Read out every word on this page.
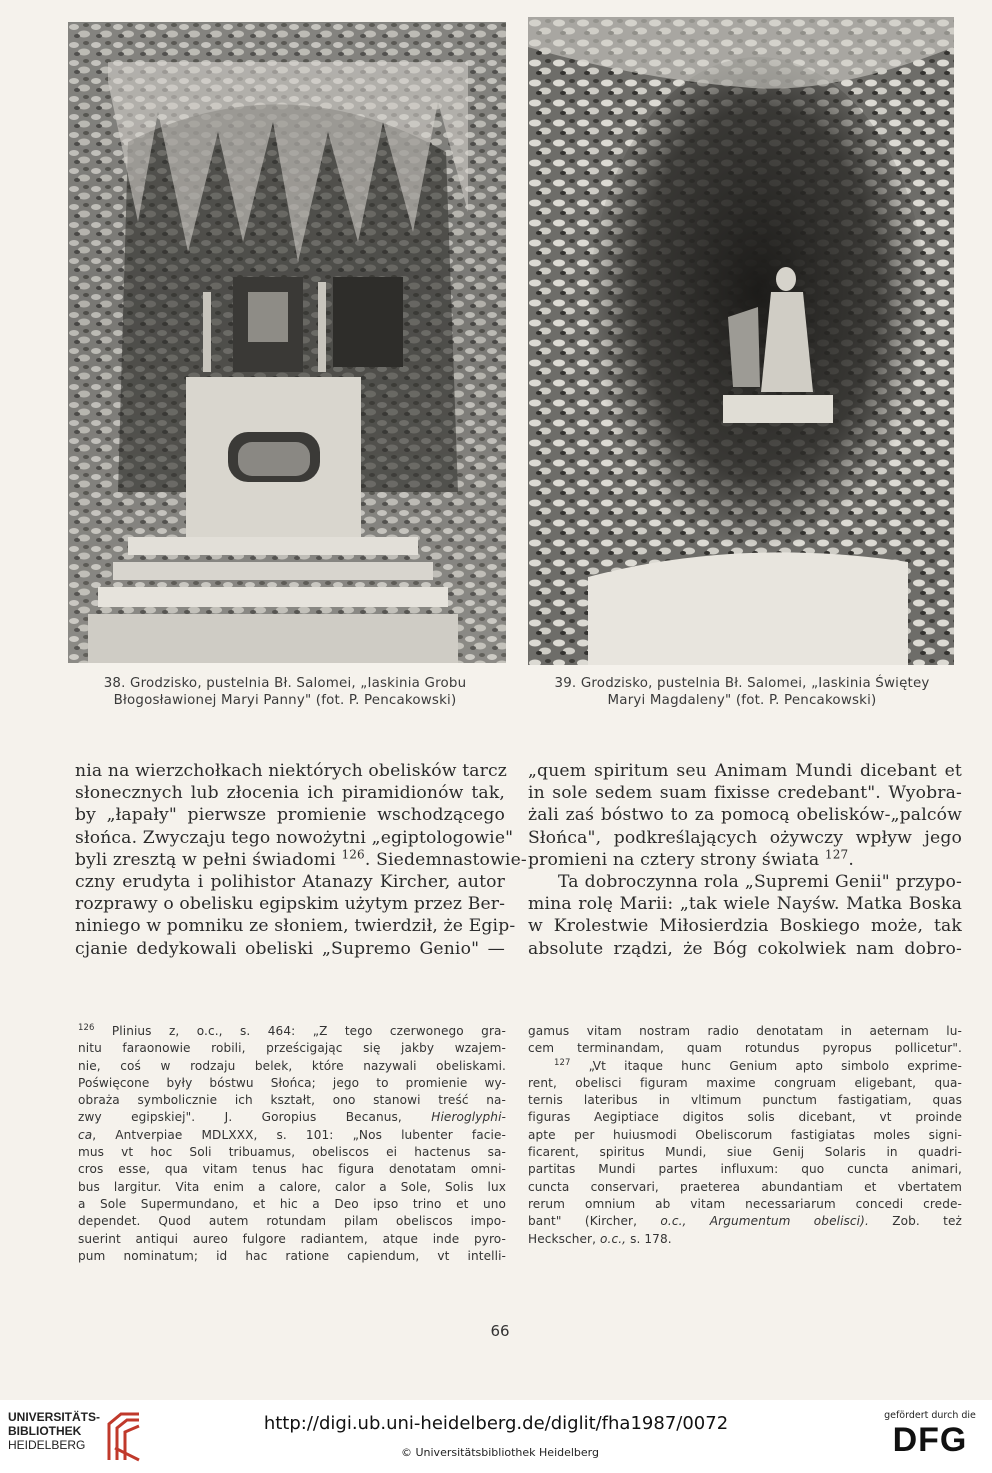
38. Grodzisko, pustelnia Bł. Salomei, „Iaskinia Grobu

Błogosławionej Maryi Panny" (fot. P. Pencakowski)

39. Grodzisko, pustelnia Bł. Salomei, „Iaskinia Świętey

Maryi Magdaleny" (fot. P. Pencakowski)

nia na wierzchołkach niektórych obelisków tarcz
słonecznych lub złocenia ich piramidionów tak,
by „łapały" pierwsze promienie wschodzącego
słońca. Zwyczaju tego nowożytni „egiptologowie"
byli zresztą w pełni świadomi $^{126}$. Siedemnastowie-
czny erudyta i polihistor Atanazy Kircher, autor
rozprawy o obelisku egipskim użytym przez Ber-
niniego w pomniku ze słoniem, twierdził, że Egip-
cjanie dedykowali obeliski „Supremo Genio" —
„quem spiritum seu Animam Mundi dicebant et
in sole sedem suam fixisse credebant". Wyobra-
żali zaś bóstwo to za pomocą obelisków-„palców
Słońca", podkreślających ożywczy wpływ jego
promieni na cztery strony świata $^{127}$.
Ta dobroczynna rola „Supremi Genii" przypo-
mina rolę Marii: „tak wiele Nayśw. Matka Boska
w Krolestwie Miłosierdzia Boskiego może, tak
absolute rządzi, że Bóg cokolwiek nam dobro-
$^{126}$ Plinius z, o.c., s. 464: „Z tego czerwonego gra-
nitu faraonowie robili, prześcigając się jakby wzajem-
nie, coś w rodzaju belek, które nazywali obeliskami.
Poświęcone były bóstwu Słońca; jego to promienie wy-
obraża symbolicznie ich kształt, ono stanowi treść na-
zwy egipskiej". J. Goropius Becanus, Hieroglyphi-
ca, Antverpiae MDLXXX, s. 101: „Nos lubenter facie-
mus vt hoc Soli tribuamus, obeliscos ei hactenus sa-
cros esse, qua vitam tenus hac figura denotatam omni-
bus largitur. Vita enim a calore, calor a Sole, Solis lux
a Sole Supermundano, et hic a Deo ipso trino et uno
dependet. Quod autem rotundam pilam obeliscos impo-
suerint antiqui aureo fulgore radiantem, atque inde pyro-
pum nominatum; id hac ratione capiendum, vt intelli-
gamus vitam nostram radio denotatam in aeternam lu-
cem terminandam, quam rotundus pyropus pollicetur".
$^{127}$ „Vt itaque hunc Genium apto simbolo exprime-
rent, obelisci figuram maxime congruam eligebant, qua-
ternis lateribus in vltimum punctum fastigatiam, quas
figuras Aegiptiace digitos solis dicebant, vt proinde
apte per huiusmodi Obeliscorum fastigiatas moles signi-
ficarent, spiritus Mundi, siue Genij Solaris in quadri-
partitas Mundi partes influxum: quo cuncta animari,
cuncta conservari, praeterea abundantiam et vbertatem
rerum omnium ab vitam necessariarum concedi crede-
bant" (Kircher, o.c., Argumentum obelisci). Zob. też
Heckscher, o.c., s. 178.
66
UNIVERSITÄTS-
BIBLIOTHEK
HEIDELBERG
http://digi.ub.uni-heidelberg.de/diglit/fha1987/0072
© Universitätsbibliothek Heidelberg
gefördert durch die
DFG
